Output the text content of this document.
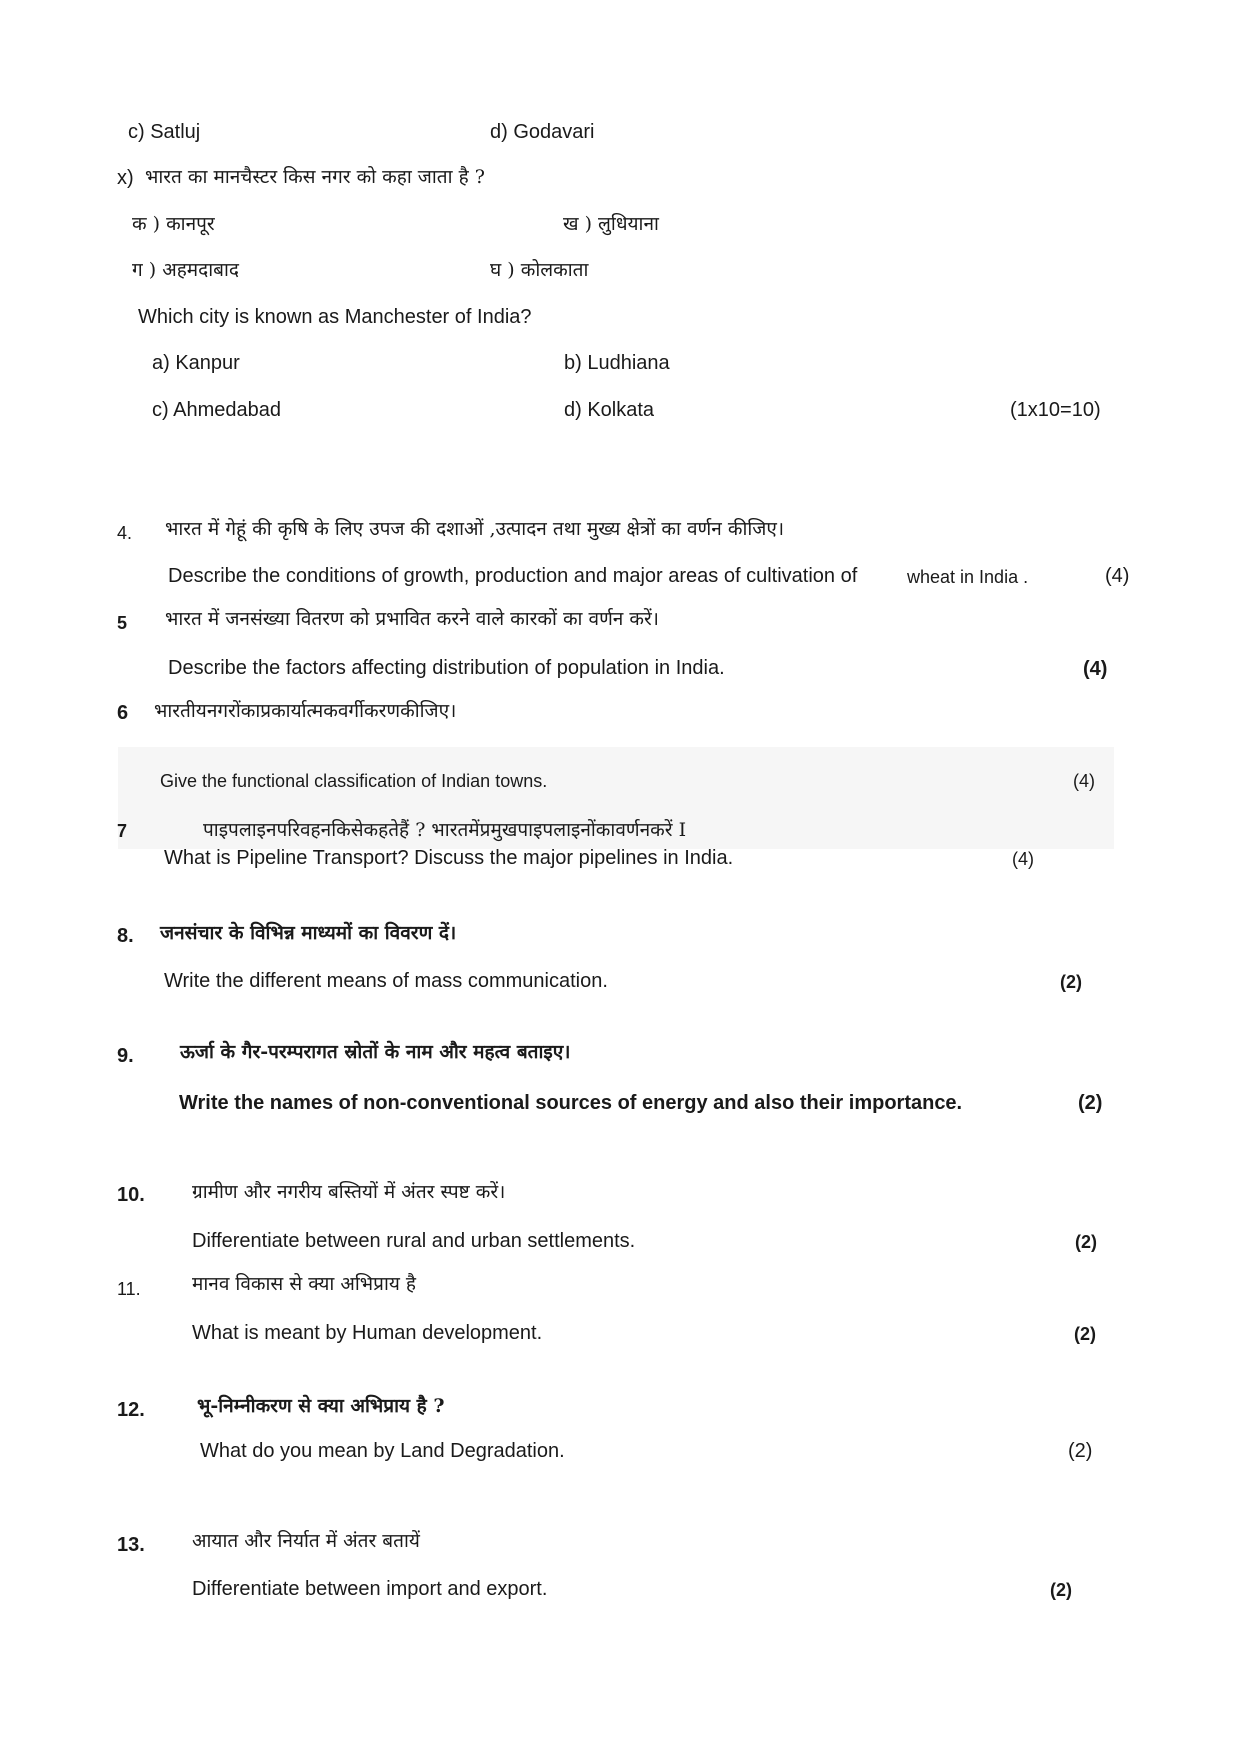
c) Satluj	d) Godavari
x) भारत का मानचैस्टर किस नगर को कहा जाता है ?
क ) कानपूर	ख ) लुधियाना
ग ) अहमदाबाद	घ ) कोलकाता
Which city is known as Manchester of India?
a) Kanpur	b) Ludhiana
c) Ahmedabad	d) Kolkata	(1x10=10)
4. भारत में गेहूं की कृषि के लिए उपज की दशाओं ,उत्पादन तथा मुख्य क्षेत्रों का वर्णन कीजिए।
Describe the conditions of growth, production and major areas of cultivation of	wheat in India .	(4)
5 भारत में जनसंख्या वितरण को प्रभावित करने वाले कारकों का वर्णन करें।
Describe the factors affecting distribution of population in India.	(4)
6 भारतीयनगरोंकाप्रकार्यात्मकवर्गीकरणकीजिए।
Give the functional classification of Indian towns.	(4)
7	पाइपलाइनपरिवहनकिसेकहतेहैं ? भारतमेंप्रमुखपाइपलाइनोंकावर्णनकरें I
What is Pipeline Transport? Discuss the major pipelines in India.	(4)
8. जनसंचार के विभिन्न माध्यमों का विवरण दें।
Write the different means of mass communication.	(2)
9. ऊर्जा के गैर-परम्परागत स्रोतों के नाम और महत्व बताइए।
Write the names of non-conventional sources of energy and also their importance.	(2)
10. ग्रामीण और नगरीय बस्तियों में अंतर स्पष्ट करें।
Differentiate between rural and urban settlements.	(2)
11.	मानव विकास से क्या अभिप्राय है
What is meant by Human development.	(2)
12.	भू-निम्नीकरण से क्या अभिप्राय है ?
What do you mean by Land Degradation.	(2)
13. आयात और निर्यात में अंतर बतायें
Differentiate between import and export.	(2)
